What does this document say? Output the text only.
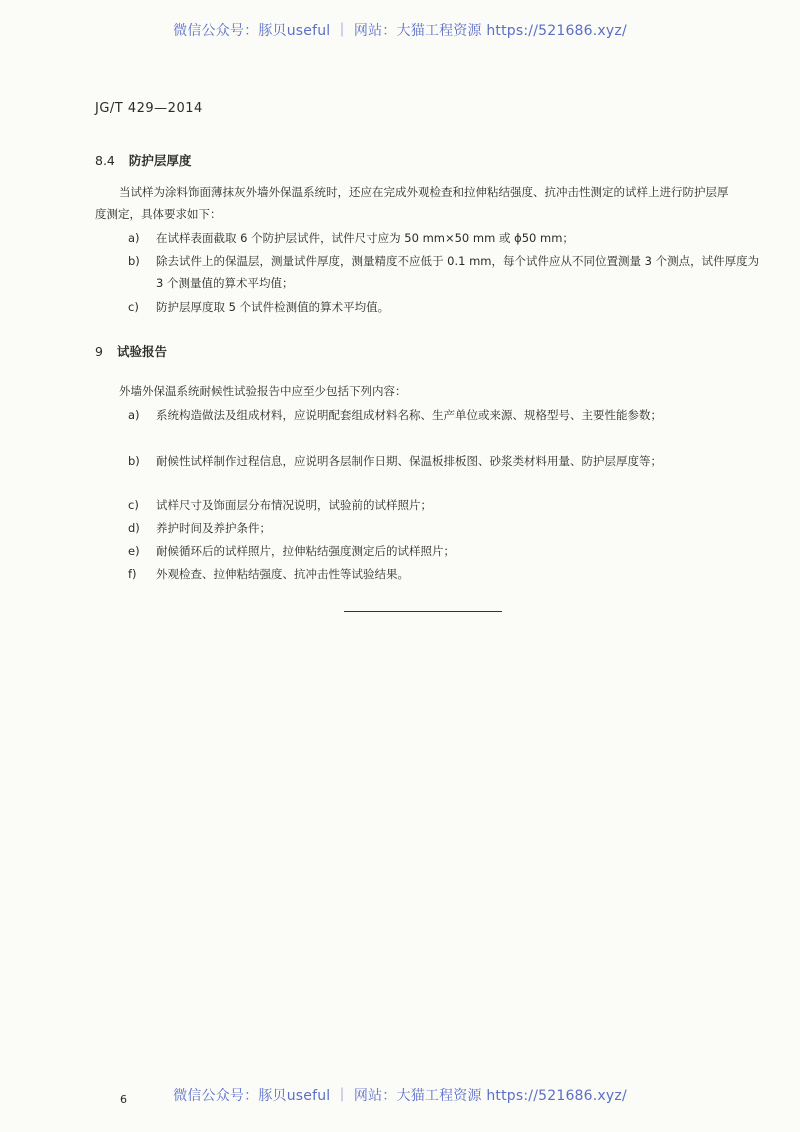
微信公众号：豚贝useful ｜ 网站：大猫工程资源 https://521686.xyz/
JG/T 429—2014
8.4 防护层厚度
当试样为涂料饰面薄抹灰外墙外保温系统时，还应在完成外观检查和拉伸粘结强度、抗冲击性测定的试样上进行防护层厚度测定，具体要求如下：
a)	在试样表面截取 6 个防护层试件，试件尺寸应为 50 mm×50 mm 或 ϕ50 mm；
b)	除去试件上的保温层，测量试件厚度，测量精度不应低于 0.1 mm，每个试件应从不同位置测量 3 个测点，试件厚度为 3 个测量值的算术平均值；
c)	防护层厚度取 5 个试件检测值的算术平均值。
9 试验报告
外墙外保温系统耐候性试验报告中应至少包括下列内容：
a)	系统构造做法及组成材料，应说明配套组成材料名称、生产单位或来源、规格型号、主要性能参数；
b)	耐候性试样制作过程信息，应说明各层制作日期、保温板排板图、砂浆类材料用量、防护层厚度等；
c)	试样尺寸及饰面层分布情况说明，试验前的试样照片；
d)	养护时间及养护条件；
e)	耐候循环后的试样照片，拉伸粘结强度测定后的试样照片；
f)	外观检查、拉伸粘结强度、抗冲击性等试验结果。
微信公众号：豚贝useful ｜ 网站：大猫工程资源 https://521686.xyz/
6
